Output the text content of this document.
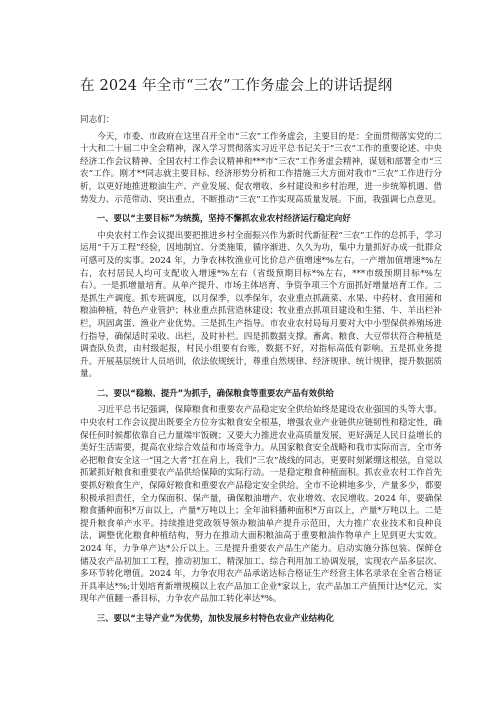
在 2024 年全市“三农”工作务虚会上的讲话提纲

同志们：

今天，市委、市政府在这里召开全市“三农”工作务虚会，主要目的是：全面贯彻落实党的二十大和二十届二中全会精神，深入学习贯彻落实习近平总书记关于“三农”工作的重要论述、中央经济工作会议精神、全国农村工作会议精神和***市“三农”工作务虚会精神，谋划和部署全市“三农”工作。刚才**同志就主要目标、经济形势分析和工作措施三大方面对我市“三农”工作进行分析，以更好地推进粮油生产、产业发展、促农增收、乡村建设和乡村治理，进一步统筹机遇、借势发力、示范带动、突出重点，不断推动“三农”工作实现高质量发展。下面，我强调七点意见。

一、要以“主要目标”为统揽，坚持不懈抓农业农村经济运行稳定向好

中央农村工作会议提出要把推进乡村全面振兴作为新时代新征程“三农”工作的总抓手，学习运用“千万工程”经验，因地制宜、分类施策，循序渐进、久久为功，集中力量抓好办成一批群众可感可及的实事。2024 年，力争农林牧渔业可比价总产值增速*%左右，一产增加值增速*%左右，农村居民人均可支配收入增速*%左右（省级预期目标*%左右，***市级预期目标*%左右）。一是抓增量培育。从单产提升、市场主体培育、争资争项三个方面抓好增量培育工作。二是抓生产调度。抓专班调度，以月保季，以季保年，农业重点抓蔬菜、水果、中药材、食用菌和粮油种植，特色产业管护；林业重点抓营造林建设；牧业重点抓项目建设和生猪、牛、羊出栏补栏，巩固禽蛋、渔业产业优势。三是抓生产指导。市农业农村局每月要对大中小型保供养殖场进行指导，确保适时采收、出栏，及时补栏。四是抓数据支撑。畜禽、粮食、大豆带状符合种植是调查队负责，由村级起报，村民小组要有台账，数据不好，对指标高低有影响。五是抓业务提升。开展基层统计人员培训，依法依规统计，尊重自然规律、经济规律、统计规律，提升数据质量。

二、要以“稳粮、提升”为抓手，确保粮食等重要农产品有效供给

习近平总书记强调，保障粮食和重要农产品稳定安全供给始终是建设农业强国的头等大事。中央农村工作会议提出既要全方位夯实粮食安全根基，增强农业产业链供应链韧性和稳定性，确保任何时候都依靠自己力量端牢饭碗；又要大力推进农业高质量发展，更好满足人民日益增长的美好生活需要，提高农业综合效益和市场竞争力。从国家粮食安全战略和我市实际而言，全市务必把粮食安全这一“国之大者”扛在肩上，我们“三农”战线的同志，更要时刻紧绷这根弦，自觉以抓紧抓好粮食和重要农产品供给保障的实际行动。一是稳定粮食种植面积。抓农业农村工作首先要抓好粮食生产，保障好粮食和重要农产品稳定安全供给。全市不论耕地多少，产量多少，都要积极承担责任，全力保面积、保产量，确保粮油增产、农业增效、农民增收。2024 年，要确保粮食播种面积*万亩以上，产量*万吨以上；全年油料播种面积*万亩以上，产量*万吨以上。二是提升粮食单产水平。持续推进党政领导领办粮油单产提升示范田，大力推广农业技术和良种良法，调整优化粮食种植结构，努力在推动大面积粮油高于重要粮油作物单产上见到更大实效。2024 年，力争单产达*公斤以上。三是提升重要农产品生产能力。启动实施分拣包装、保鲜仓储及农产品初加工工程，推动初加工、精深加工、综合利用加工协调发展，实现农产品多层次、多环节转化增值。2024 年，力争农用农产品承诺达标合格证生产经营主体名录录在全省合格证开具率达*%;计划培育新增规模以上农产品加工企业*家以上，农产品加工产值预计达*亿元，实现年产值翻一番目标，力争农产品加工转化率达*%。

三、要以“主导产业”为优势，加快发展乡村特色农业产业结构化
